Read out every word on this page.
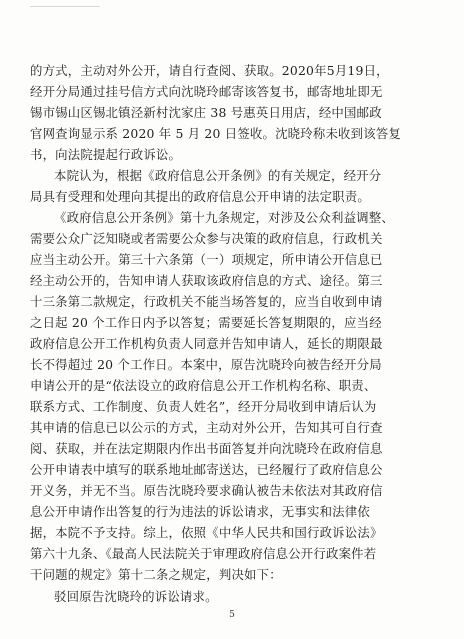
的方式，主动对外公开，请自行查阅、获取。2020年5月19日，
经开分局通过挂号信方式向沈晓玲邮寄该答复书，邮寄地址即无
锡市锡山区锡北镇泾新村沈家庄 38 号惠英日用店，经中国邮政
官网查询显示系 2020 年 5 月 20 日签收。沈晓玲称未收到该答复
书，向法院提起行政诉讼。
本院认为，根据《政府信息公开条例》的有关规定，经开分
局具有受理和处理向其提出的政府信息公开申请的法定职责。
《政府信息公开条例》第十九条规定，对涉及公众利益调整、
需要公众广泛知晓或者需要公众参与决策的政府信息，行政机关
应当主动公开。第三十六条第（一）项规定，所申请公开信息已
经主动公开的，告知申请人获取该政府信息的方式、途径。第三
十三条第二款规定，行政机关不能当场答复的，应当自收到申请
之日起 20 个工作日内予以答复；需要延长答复期限的，应当经
政府信息公开工作机构负责人同意并告知申请人，延长的期限最
长不得超过 20 个工作日。本案中，原告沈晓玲向被告经开分局
申请公开的是“依法设立的政府信息公开工作机构名称、职责、
联系方式、工作制度、负责人姓名”，经开分局收到申请后认为
其申请的信息已以公示的方式，主动对外公开，告知其可自行查
阅、获取，并在法定期限内作出书面答复并向沈晓玲在政府信息
公开申请表中填写的联系地址邮寄送达，已经履行了政府信息公
开义务，并无不当。原告沈晓玲要求确认被告未依法对其政府信
息公开申请作出答复的行为违法的诉讼请求，无事实和法律依
据，本院不予支持。综上，依照《中华人民共和国行政诉讼法》
第六十九条、《最高人民法院关于审理政府信息公开行政案件若
干问题的规定》第十二条之规定，判决如下：
驳回原告沈晓玲的诉讼请求。
5
